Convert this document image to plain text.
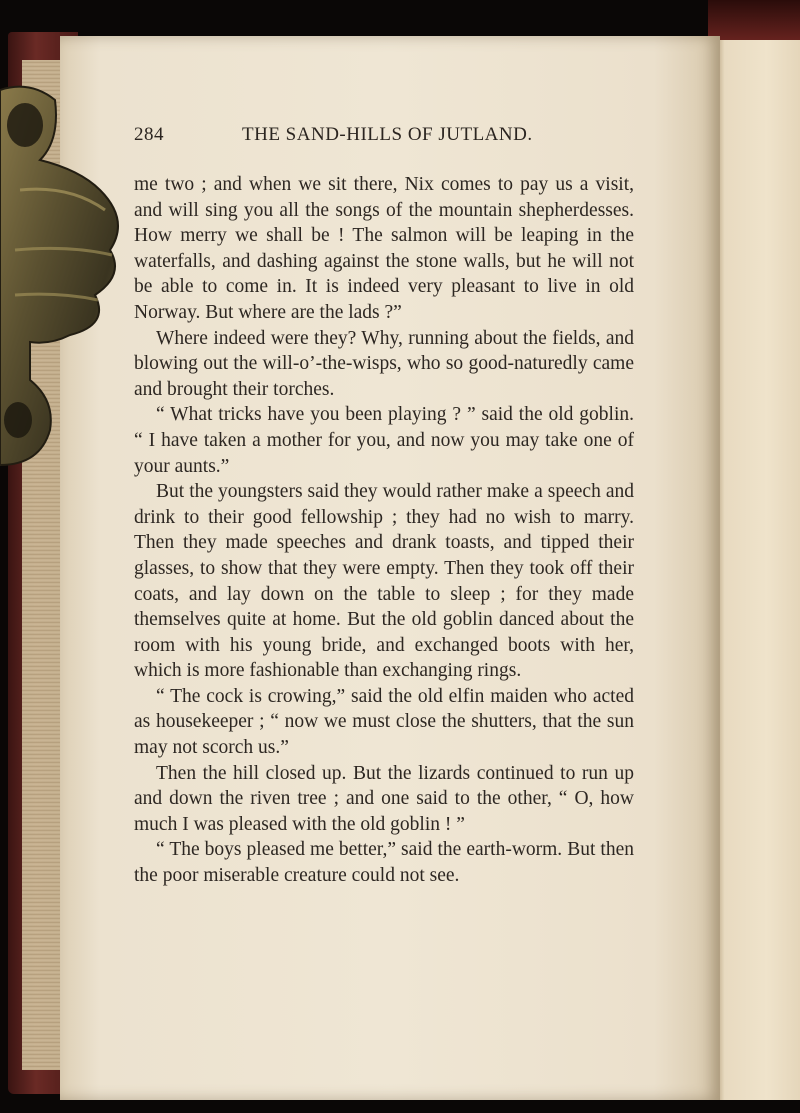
284	THE SAND-HILLS OF JUTLAND.

me two ; and when we sit there, Nix comes to pay us a visit, and will sing you all the songs of the mountain shepherdesses. How merry we shall be ! The salmon will be leaping in the waterfalls, and dashing against the stone walls, but he will not be able to come in. It is indeed very pleasant to live in old Norway. But where are the lads ?”

Where indeed were they? Why, running about the fields, and blowing out the will-o’-the-wisps, who so good-naturedly came and brought their torches.

“ What tricks have you been playing ? ” said the old goblin. “ I have taken a mother for you, and now you may take one of your aunts.”

But the youngsters said they would rather make a speech and drink to their good fellowship ; they had no wish to marry. Then they made speeches and drank toasts, and tipped their glasses, to show that they were empty. Then they took off their coats, and lay down on the table to sleep ; for they made themselves quite at home. But the old goblin danced about the room with his young bride, and exchanged boots with her, which is more fashionable than exchanging rings.

“ The cock is crowing,” said the old elfin maiden who acted as housekeeper ; “ now we must close the shutters, that the sun may not scorch us.”

Then the hill closed up. But the lizards continued to run up and down the riven tree ; and one said to the other, “ O, how much I was pleased with the old goblin ! ”

“ The boys pleased me better,” said the earth-worm. But then the poor miserable creature could not see.
